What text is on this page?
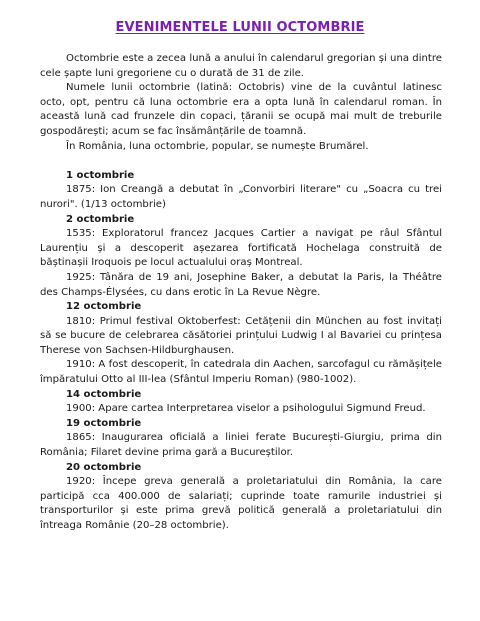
EVENIMENTELE LUNII OCTOMBRIE

Octombrie este a zecea lună a anului în calendarul gregorian și una dintre cele șapte luni gregoriene cu o durată de 31 de zile.

Numele lunii octombrie (latină: Octobris) vine de la cuvântul latinesc octo, opt, pentru că luna octombrie era a opta lună în calendarul roman. În această lună cad frunzele din copaci, țăranii se ocupă mai mult de treburile gospodărești; acum se fac însămânțările de toamnă.

În România, luna octombrie, popular, se numește Brumărel.

1 octombrie

1875: Ion Creangă a debutat în „Convorbiri literare" cu „Soacra cu trei nurori". (1/13 octombrie)

2 octombrie

1535: Exploratorul francez Jacques Cartier a navigat pe râul Sfântul Laurențiu și a descoperit așezarea fortificată Hochelaga construită de băștinașii Iroquois pe locul actualului oraș Montreal.

1925: Tânăra de 19 ani, Josephine Baker, a debutat la Paris, la Théâtre des Champs-Élysées, cu dans erotic în La Revue Nègre.

12 octombrie

1810: Primul festival Oktoberfest: Cetățenii din München au fost invitați să se bucure de celebrarea căsătoriei prințului Ludwig I al Bavariei cu prințesa Therese von Sachsen-Hildburghausen.

1910: A fost descoperit, în catedrala din Aachen, sarcofagul cu rămășițele împăratului Otto al III-lea (Sfântul Imperiu Roman) (980-1002).

14 octombrie

1900: Apare cartea Interpretarea viselor a psihologului Sigmund Freud.

19 octombrie

1865: Inaugurarea oficială a liniei ferate București-Giurgiu, prima din România; Filaret devine prima gară a Bucureștilor.

20 octombrie

1920: Începe greva generală a proletariatului din România, la care participă cca 400.000 de salariați; cuprinde toate ramurile industriei și transporturilor și este prima grevă politică generală a proletariatului din întreaga Românie (20–28 octombrie).
